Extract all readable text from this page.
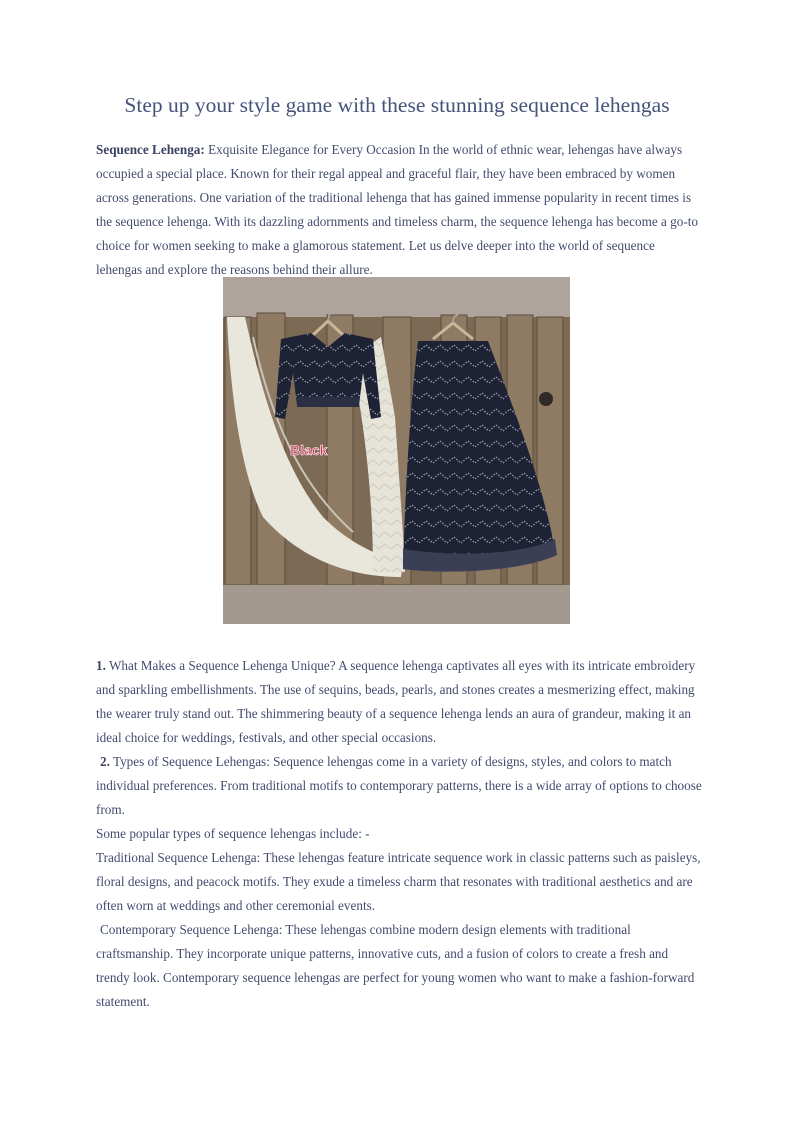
Step up your style game with these stunning sequence lehengas

Sequence Lehenga: Exquisite Elegance for Every Occasion In the world of ethnic wear, lehengas have always occupied a special place. Known for their regal appeal and graceful flair, they have been embraced by women across generations. One variation of the traditional lehenga that has gained immense popularity in recent times is the sequence lehenga. With its dazzling adornments and timeless charm, the sequence lehenga has become a go-to choice for women seeking to make a glamorous statement. Let us delve deeper into the world of sequence lehengas and explore the reasons behind their allure.

Black

1. What Makes a Sequence Lehenga Unique? A sequence lehenga captivates all eyes with its intricate embroidery and sparkling embellishments. The use of sequins, beads, pearls, and stones creates a mesmerizing effect, making the wearer truly stand out. The shimmering beauty of a sequence lehenga lends an aura of grandeur, making it an ideal choice for weddings, festivals, and other special occasions.

2. Types of Sequence Lehengas: Sequence lehengas come in a variety of designs, styles, and colors to match individual preferences. From traditional motifs to contemporary patterns, there is a wide array of options to choose from.

Some popular types of sequence lehengas include: -

Traditional Sequence Lehenga: These lehengas feature intricate sequence work in classic patterns such as paisleys, floral designs, and peacock motifs. They exude a timeless charm that resonates with traditional aesthetics and are often worn at weddings and other ceremonial events.

Contemporary Sequence Lehenga: These lehengas combine modern design elements with traditional craftsmanship. They incorporate unique patterns, innovative cuts, and a fusion of colors to create a fresh and trendy look. Contemporary sequence lehengas are perfect for young women who want to make a fashion-forward statement.
